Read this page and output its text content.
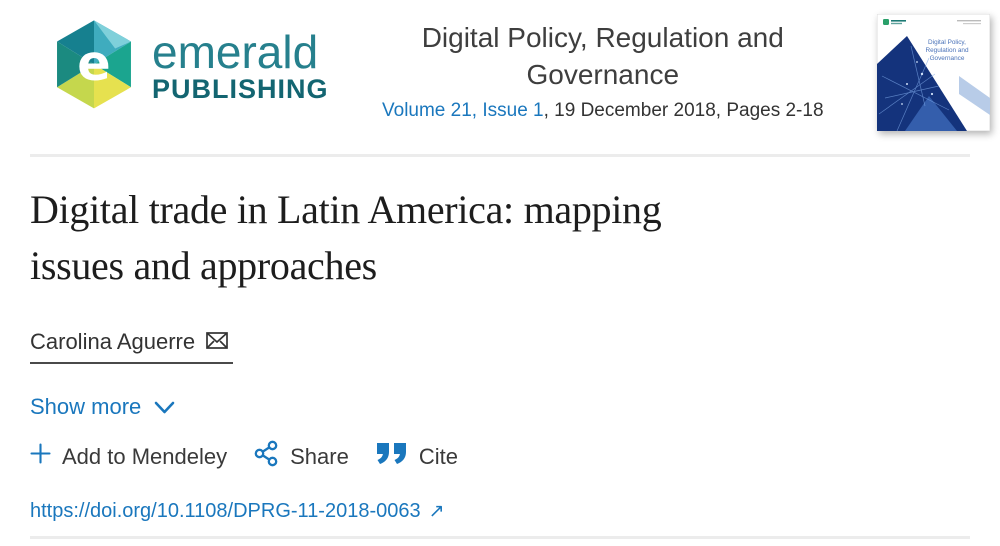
e emerald
PUBLISHING
Digital Policy, Regulation and
Governance
Volume 21, Issue 1, 19 December 2018, Pages 2-18
Digital Policy,
Regulation and
Governance
Digital trade in Latin America: mapping
issues and approaches
Carolina Aguerre
Show more
Add to Mendeley	Share	Cite
https://doi.org/10.1108/DPRG-11-2018-0063 ↗
